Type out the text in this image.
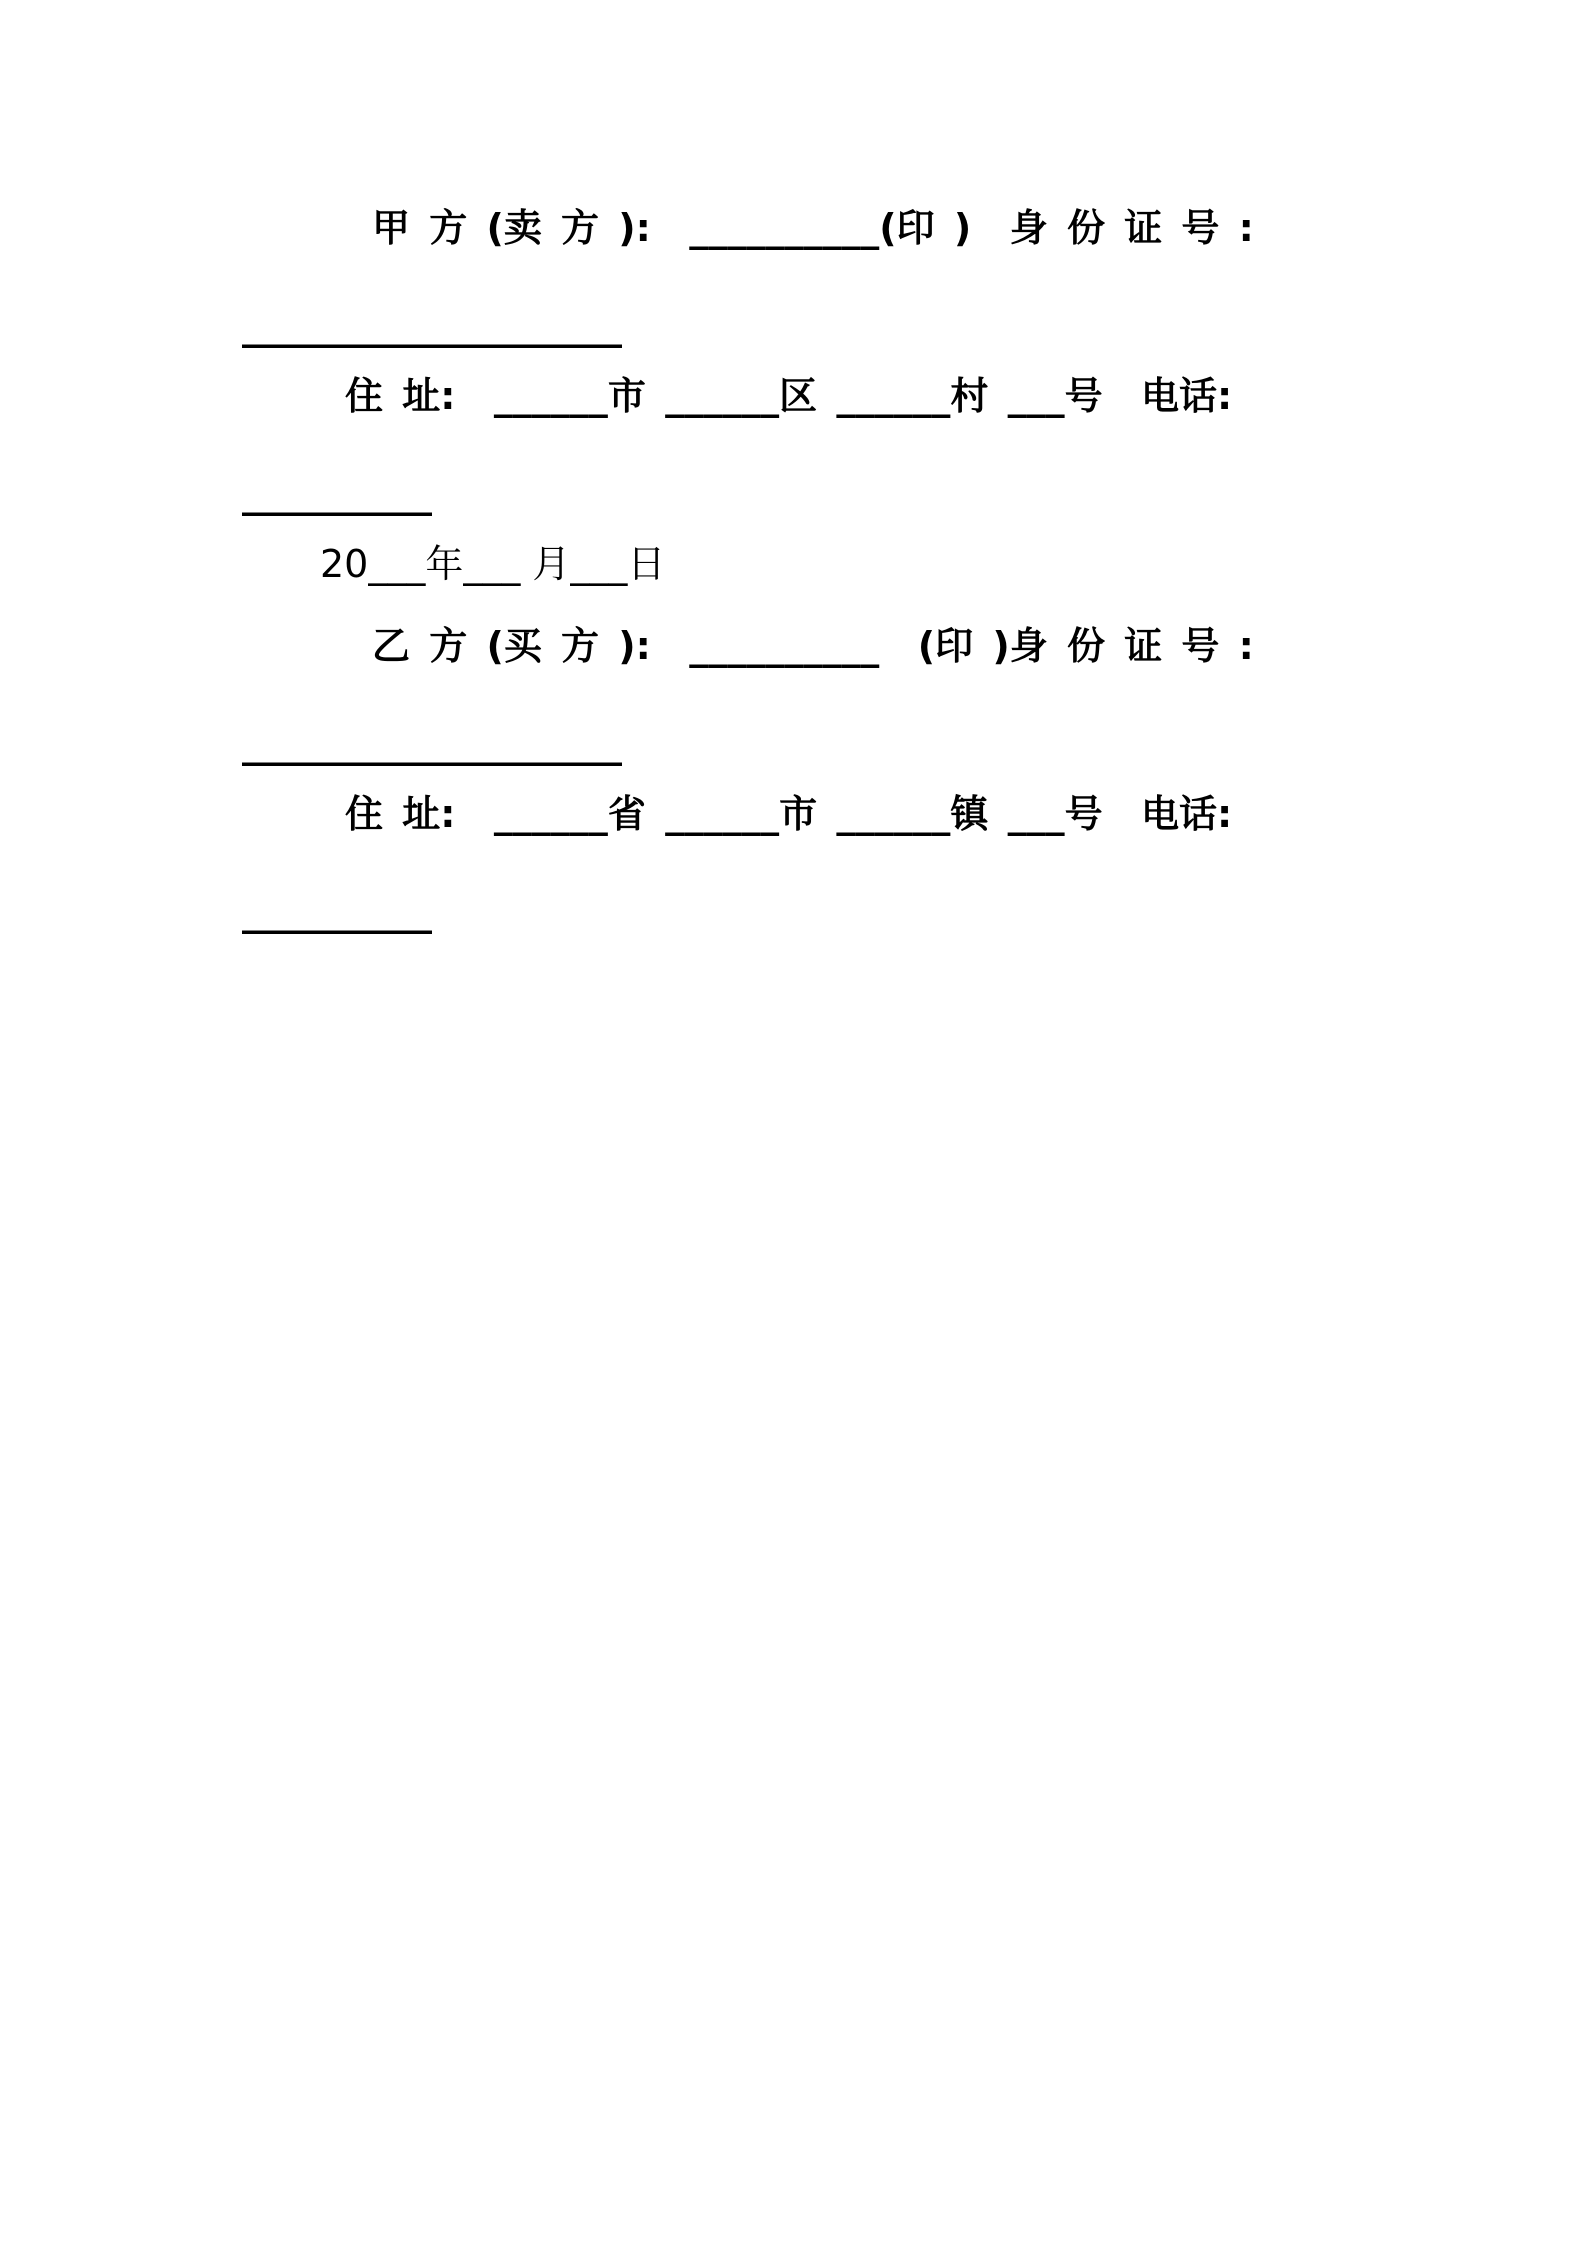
甲 方 (卖 方 ):  __________(印 )  身 份 证 号 :
____________________
住 址:  ______市 ______区 ______村 ___号  电话:
__________
20___年___ 月___日
乙 方 (买 方 ):  __________  (印 )身 份 证 号 :
____________________
住 址:  ______省 ______市 ______镇 ___号  电话:
__________
